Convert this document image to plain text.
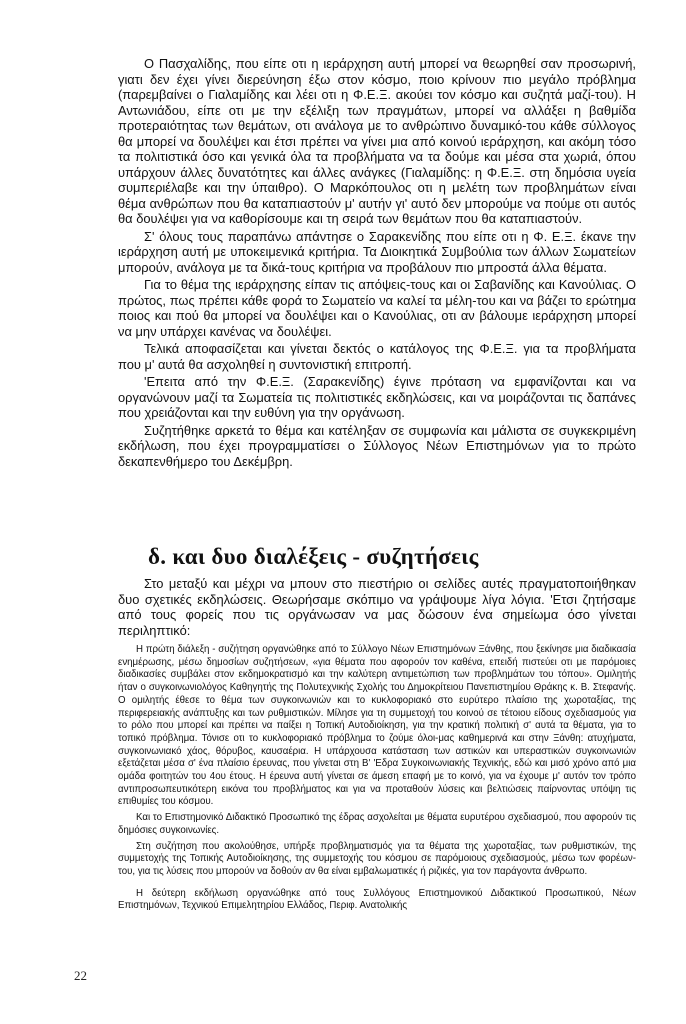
Ο Πασχαλίδης, που είπε οτι η ιεράρχηση αυτή μπορεί να θεωρηθεί σαν προσωρινή, γιατι δεν έχει γίνει διερεύνηση έξω στον κόσμο, ποιο κρίνουν πιο μεγάλο πρόβλημα (παρεμβαίνει ο Γιαλαμίδης και λέει οτι η Φ.Ε.Ξ. ακούει τον κόσμο και συζητά μαζί-του). Η Αντωνιάδου, είπε οτι με την εξέλιξη των πραγμάτων, μπορεί να αλλάξει η βαθμίδα προτεραιότητας των θεμάτων, οτι ανάλογα με το ανθρώπινο δυναμικό-του κάθε σύλλογος θα μπορεί να δουλέψει και έτσι πρέπει να γίνει μια από κοινού ιεράρχηση, και ακόμη τόσο τα πολιτιστικά όσο και γενικά όλα τα προβλήματα να τα δούμε και μέσα στα χωριά, όπου υπάρχουν άλλες δυνατότητες και άλλες ανάγκες (Γιαλαμίδης: η Φ.Ε.Ξ. στη δημόσια υγεία συμπεριέλαβε και την ύπαιθρο). Ο Μαρκόπουλος οτι η μελέτη των προβλημάτων είναι θέμα ανθρώπων που θα καταπιαστούν μ' αυτήν γι' αυτό δεν μπορούμε να πούμε οτι αυτός θα δουλέψει για να καθορίσουμε και τη σειρά των θεμάτων που θα καταπιαστούν.

Σ' όλους τους παραπάνω απάντησε ο Σαρακενίδης που είπε οτι η Φ. Ε.Ξ. έκανε την ιεράρχηση αυτή με υποκειμενικά κριτήρια. Τα Διοικητικά Συμβούλια των άλλων Σωματείων μπορούν, ανάλογα με τα δικά-τους κριτήρια να προβάλουν πιο μπροστά άλλα θέματα.

Για το θέμα της ιεράρχησης είπαν τις απόψεις-τους και οι Σαβανίδης και Κανούλιας. Ο πρώτος, πως πρέπει κάθε φορά το Σωματείο να καλεί τα μέλη-του και να βάζει το ερώτημα ποιος και πού θα μπορεί να δουλέψει και ο Κανούλιας, οτι αν βάλουμε ιεράρχηση μπορεί να μην υπάρχει κανένας να δουλέψει.

Τελικά αποφασίζεται και γίνεται δεκτός ο κατάλογος της Φ.Ε.Ξ. για τα προβλήματα που μ' αυτά θα ασχοληθεί η συντονιστική επιτροπή.

'Επειτα από την Φ.Ε.Ξ. (Σαρακενίδης) έγινε πρόταση να εμφανίζονται και να οργανώνουν μαζί τα Σωματεία τις πολιτιστικές εκδηλώσεις, και να μοιράζονται τις δαπάνες που χρειάζονται και την ευθύνη για την οργάνωση.

Συζητήθηκε αρκετά το θέμα και κατέληξαν σε συμφωνία και μάλιστα σε συγκεκριμένη εκδήλωση, που έχει προγραμματίσει ο Σύλλογος Νέων Επιστημόνων για το πρώτο δεκαπενθήμερο του Δεκέμβρη.

δ. και δυο διαλέξεις - συζητήσεις

Στο μεταξύ και μέχρι να μπουν στο πιεστήριο οι σελίδες αυτές πραγματοποιήθηκαν δυο σχετικές εκδηλώσεις. Θεωρήσαμε σκόπιμο να γράψουμε λίγα λόγια. 'Ετσι ζητήσαμε από τους φορείς που τις οργάνωσαν να μας δώσουν ένα σημείωμα όσο γίνεται περιληπτικό:

Η πρώτη διάλεξη - συζήτηση οργανώθηκε από το Σύλλογο Νέων Επιστημόνων Ξάνθης, που ξεκίνησε μια διαδικασία ενημέρωσης, μέσω δημοσίων συζητήσεων, «για θέματα που αφορούν τον καθένα, επειδή πιστεύει οτι με παρόμοιες διαδικασίες συμβάλει στον εκδημοκρατισμό και την καλύτερη αντιμετώπιση των προβλημάτων του τόπου». Ομιλητής ήταν ο συγκοινωνιολόγος Καθηγητής της Πολυτεχνικής Σχολής του Δημοκρίτειου Πανεπιστημίου Θράκης κ. Β. Στεφανής. Ο ομιλητής έθεσε το θέμα των συγκοινωνιών και το κυκλοφοριακό στο ευρύτερο πλαίσιο της χωροταξίας, της περιφερειακής ανάπτυξης και των ρυθμιστικών. Μίλησε για τη συμμετοχή του κοινού σε τέτοιου είδους σχεδιασμούς για το ρόλο που μπορεί και πρέπει να παίξει η Τοπική Αυτοδιοίκηση, για την κρατική πολιτική σ' αυτά τα θέματα, για το τοπικό πρόβλημα. Τόνισε οτι το κυκλοφοριακό πρόβλημα το ζούμε όλοι-μας καθημερινά και στην Ξάνθη: ατυχήματα, συγκοινωνιακό χάος, θόρυβος, καυσαέρια. Η υπάρχουσα κατάσταση των αστικών και υπεραστικών συγκοινωνιών εξετάζεται μέσα σ' ένα πλαίσιο έρευνας, που γίνεται στη Β' 'Εδρα Συγκοινωνιακής Τεχνικής, εδώ και μισό χρόνο από μια ομάδα φοιτητών του 4ου έτους. Η έρευνα αυτή γίνεται σε άμεση επαφή με το κοινό, για να έχουμε μ' αυτόν τον τρόπο αντιπροσωπευτικότερη εικόνα του προβλήματος και για να προταθούν λύσεις και βελτιώσεις παίρνοντας υπόψη τις επιθυμίες του κόσμου.

Και το Επιστημονικό Διδακτικό Προσωπικό της έδρας ασχολείται με θέματα ευρυτέρου σχεδιασμού, που αφορούν τις δημόσιες συγκοινωνίες.

Στη συζήτηση που ακολούθησε, υπήρξε προβληματισμός για τα θέματα της χωροταξίας, των ρυθμιστικών, της συμμετοχής της Τοπικής Αυτοδιοίκησης, της συμμετοχής του κόσμου σε παρόμοιους σχεδιασμούς, μέσω των φορέων-του, για τις λύσεις που μπορούν να δοθούν αν θα είναι εμβαλωματικές ή ριζικές, για τον παράγοντα άνθρωπο.

Η δεύτερη εκδήλωση οργανώθηκε από τους Συλλόγους Επιστημονικού Διδακτικού Προσωπικού, Νέων Επιστημόνων, Τεχνικού Επιμελητηρίου Ελλάδος, Περιφ. Ανατολικής

22
